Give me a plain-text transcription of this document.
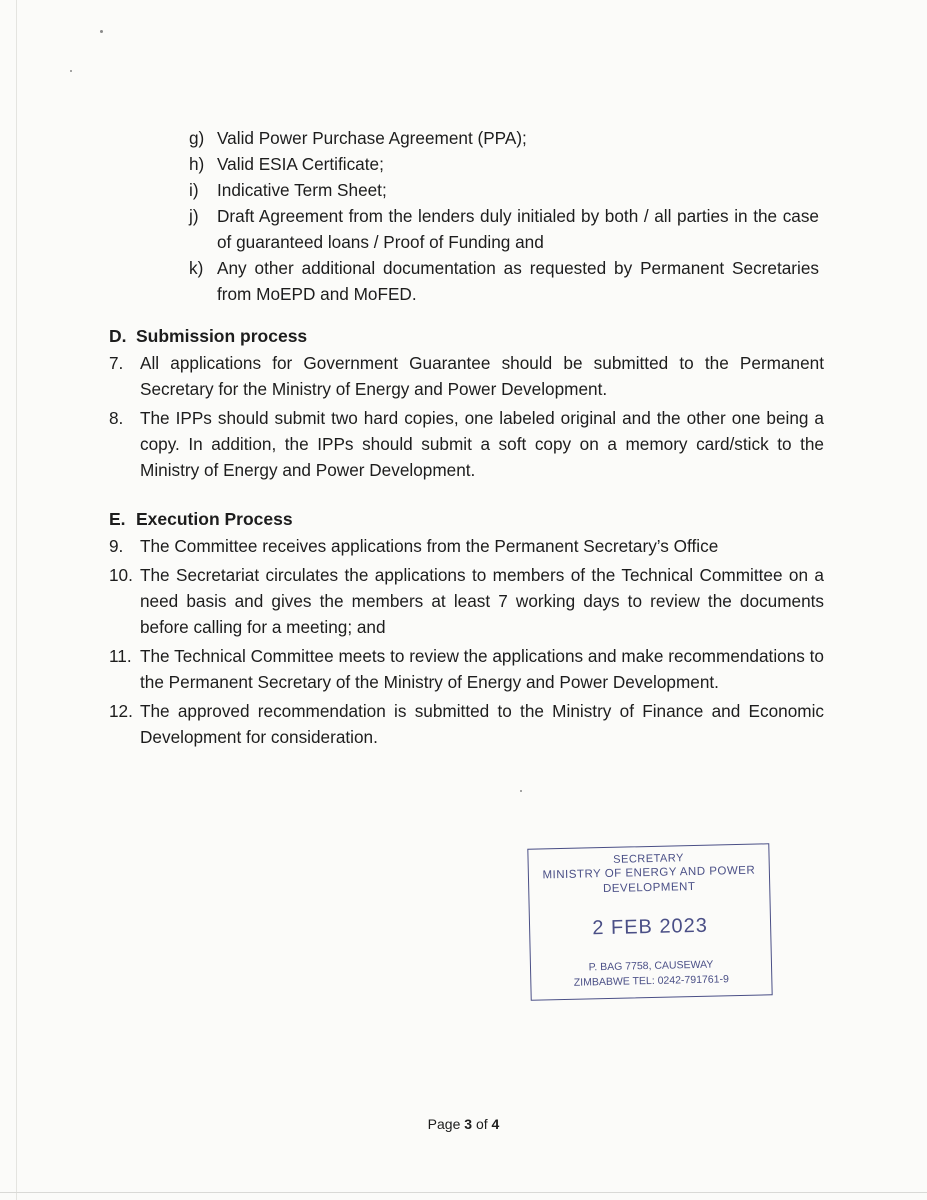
g) Valid Power Purchase Agreement (PPA);
h) Valid ESIA Certificate;
i) Indicative Term Sheet;
j) Draft Agreement from the lenders duly initialed by both / all parties in the case of guaranteed loans / Proof of Funding and
k) Any other additional documentation as requested by Permanent Secretaries from MoEPD and MoFED.
D. Submission process
7. All applications for Government Guarantee should be submitted to the Permanent Secretary for the Ministry of Energy and Power Development.
8. The IPPs should submit two hard copies, one labeled original and the other one being a copy. In addition, the IPPs should submit a soft copy on a memory card/stick to the Ministry of Energy and Power Development.
E. Execution Process
9. The Committee receives applications from the Permanent Secretary’s Office
10. The Secretariat circulates the applications to members of the Technical Committee on a need basis and gives the members at least 7 working days to review the documents before calling for a meeting; and
11. The Technical Committee meets to review the applications and make recommendations to the Permanent Secretary of the Ministry of Energy and Power Development.
12. The approved recommendation is submitted to the Ministry of Finance and Economic Development for consideration.
SECRETARY
MINISTRY OF ENERGY AND POWER
DEVELOPMENT
2 FEB 2023
P. BAG 7758, CAUSEWAY
ZIMBABWE TEL: 0242-791761-9
Page 3 of 4
